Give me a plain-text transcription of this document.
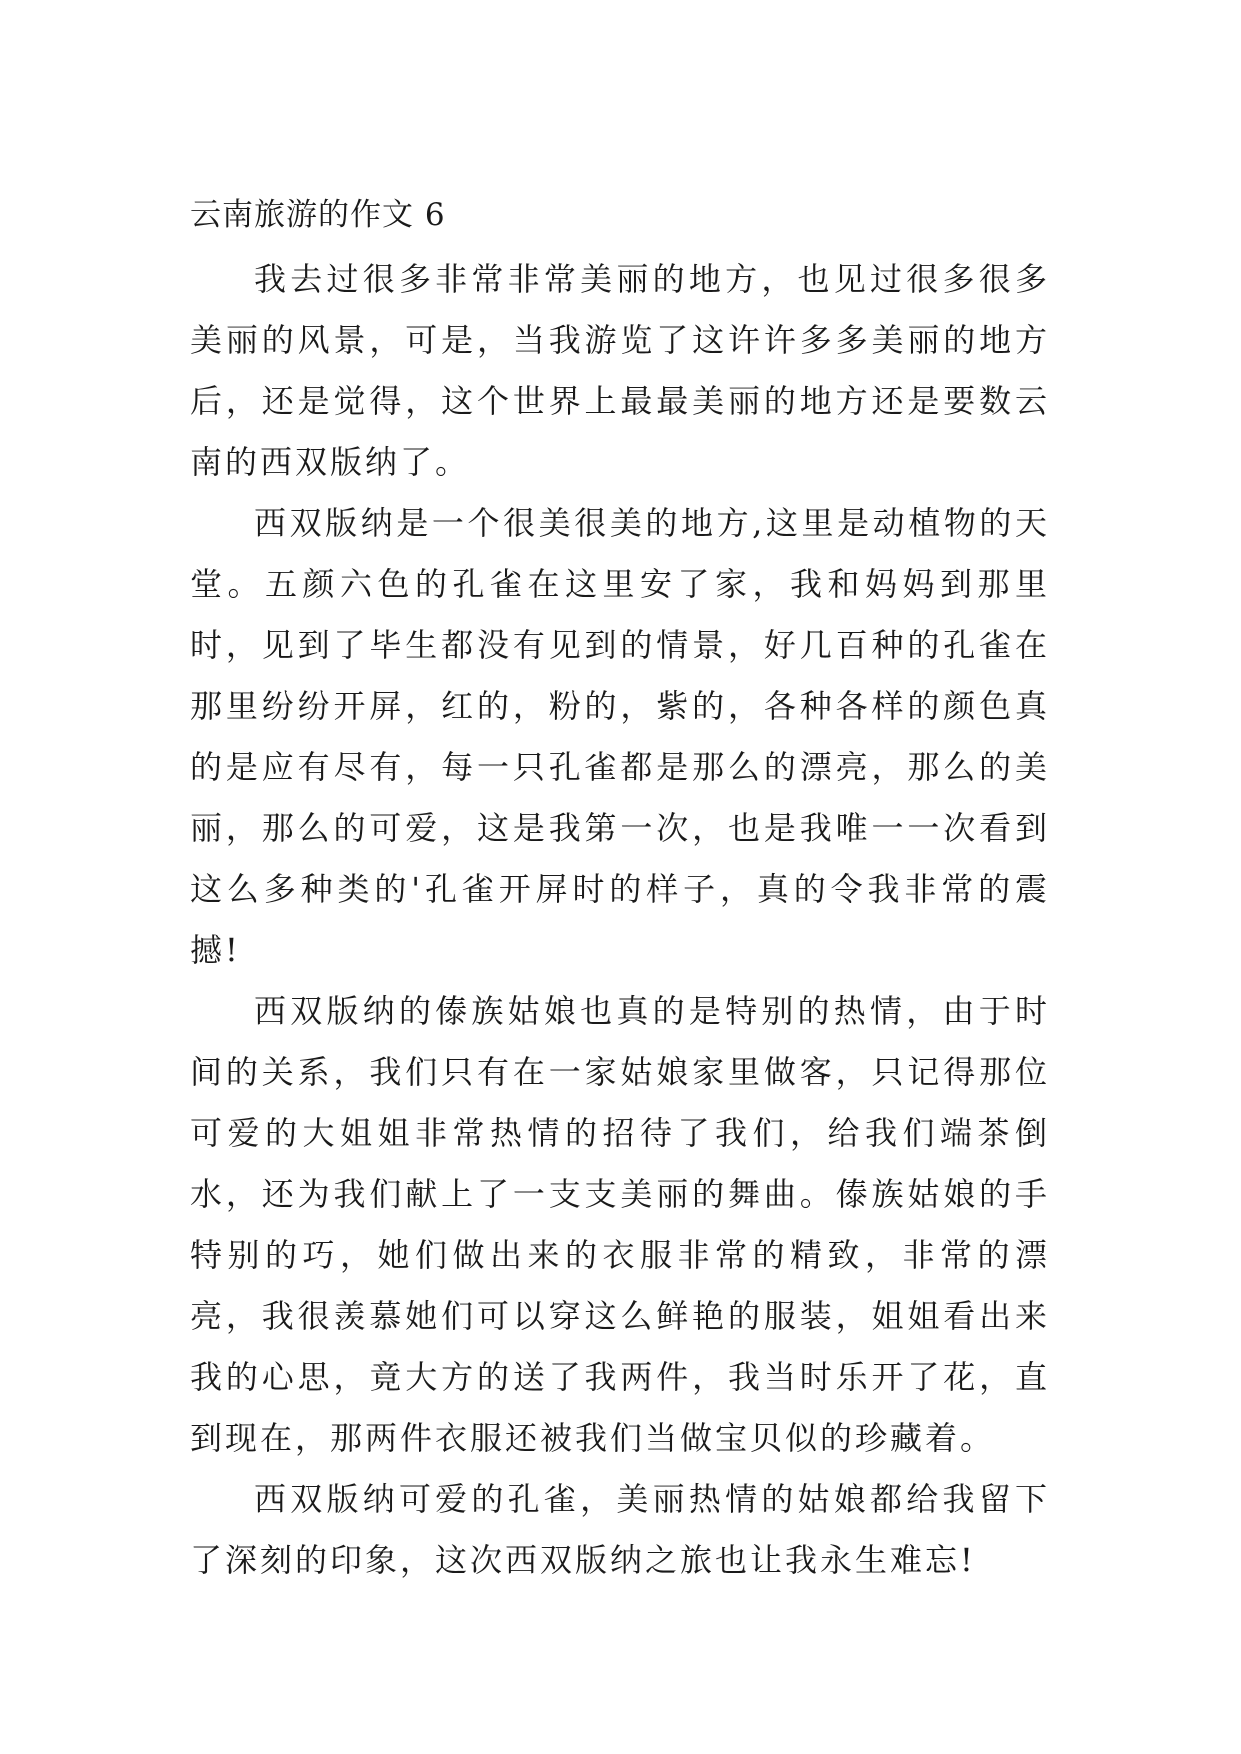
云南旅游的作文 6

我去过很多非常非常美丽的地方，也见过很多很多美丽的风景，可是，当我游览了这许许多多美丽的地方后，还是觉得，这个世界上最最美丽的地方还是要数云南的西双版纳了。

西双版纳是一个很美很美的地方,这里是动植物的天堂。五颜六色的孔雀在这里安了家，我和妈妈到那里时，见到了毕生都没有见到的情景，好几百种的孔雀在那里纷纷开屏，红的，粉的，紫的，各种各样的颜色真的是应有尽有，每一只孔雀都是那么的漂亮，那么的美丽，那么的可爱，这是我第一次，也是我唯一一次看到这么多种类的'孔雀开屏时的样子，真的令我非常的震撼!

西双版纳的傣族姑娘也真的是特别的热情，由于时间的关系，我们只有在一家姑娘家里做客，只记得那位可爱的大姐姐非常热情的招待了我们，给我们端茶倒水，还为我们献上了一支支美丽的舞曲。傣族姑娘的手特别的巧，她们做出来的衣服非常的精致，非常的漂亮，我很羡慕她们可以穿这么鲜艳的服装，姐姐看出来我的心思，竟大方的送了我两件，我当时乐开了花，直到现在，那两件衣服还被我们当做宝贝似的珍藏着。

西双版纳可爱的孔雀，美丽热情的姑娘都给我留下了深刻的印象，这次西双版纳之旅也让我永生难忘!
